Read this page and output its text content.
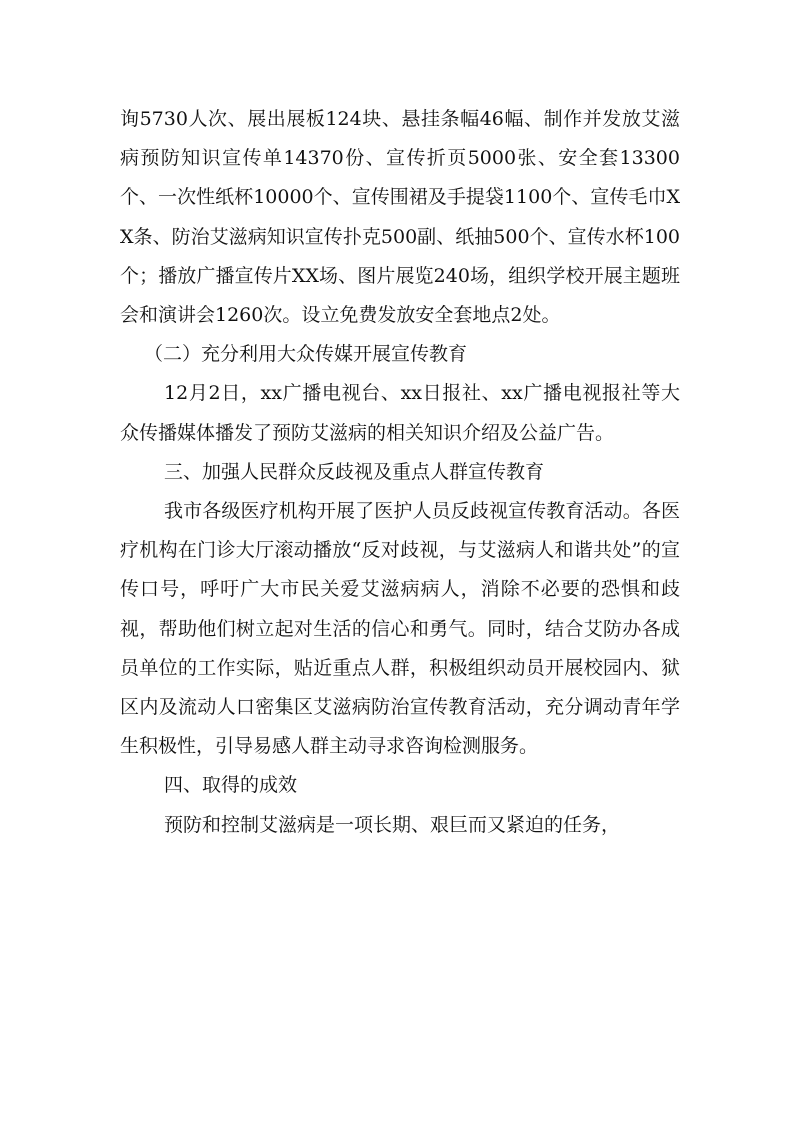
询5730人次、展出展板124块、悬挂条幅46幅、制作并发放艾滋病预防知识宣传单14370份、宣传折页5000张、安全套13300个、一次性纸杯10000个、宣传围裙及手提袋1100个、宣传毛巾XX条、防治艾滋病知识宣传扑克500副、纸抽500个、宣传水杯100个；播放广播宣传片XX场、图片展览240场，组织学校开展主题班会和演讲会1260次。设立免费发放安全套地点2处。

（二）充分利用大众传媒开展宣传教育

12月2日，xx广播电视台、xx日报社、xx广播电视报社等大众传播媒体播发了预防艾滋病的相关知识介绍及公益广告。

三、加强人民群众反歧视及重点人群宣传教育

我市各级医疗机构开展了医护人员反歧视宣传教育活动。各医疗机构在门诊大厅滚动播放“反对歧视，与艾滋病人和谐共处”的宣传口号，呼吁广大市民关爱艾滋病病人，消除不必要的恐惧和歧视，帮助他们树立起对生活的信心和勇气。同时，结合艾防办各成员单位的工作实际，贴近重点人群，积极组织动员开展校园内、狱区内及流动人口密集区艾滋病防治宣传教育活动，充分调动青年学生积极性，引导易感人群主动寻求咨询检测服务。

四、取得的成效

预防和控制艾滋病是一项长期、艰巨而又紧迫的任务，
